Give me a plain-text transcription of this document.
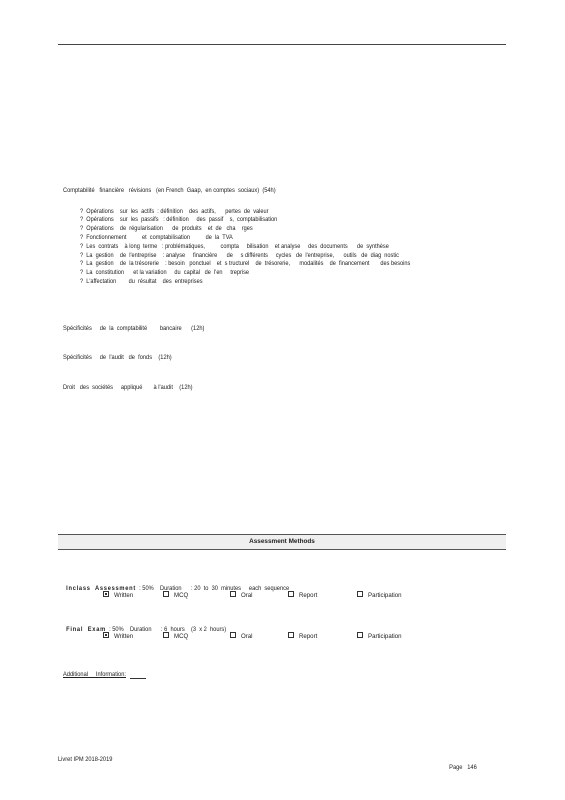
Comptabilité   financière   révisions   (en French  Gaap,  en comptes  sociaux)  (54h)
?  Opérations    sur  les  actifs  : définition    des  actifs,      pertes  de  valeur
?  Opérations    sur  les  passifs   : définition     des  passif    s,  comptabilisation
?  Opérations    de  régularisation      de  produits    et  de   cha    rges
?  Fonctionnement          et  comptabilisation          de  la  TVA
?  Les  contrats    à long  terme   : problématiques,          compta     bilisation    et analyse     des  documents      de  synthèse
?  La  gestion    de  l'entreprise    : analyse     financière      de     s différents     cycles   de  l'entreprise,      outils   de  diag  nostic
?  La  gestion    de  la trésorerie    : besoin   ponctuel    et  s tructurel    de  trésorerie,      modalités    de  financement       des besoins
?  La  constitution      et la variation     du  capital   de  l'en     treprise
?  L'affectation        du  résultat    des  entreprises
Spécificités     de  la  comptabilité        bancaire      (12h)
Spécificités     de  l'audit   de  fonds    (12h)
Droit   des  sociétés     appliqué       à l'audit    (12h)
Assessment Methods

Inclass  Assessment  : 50%    Duration      : 20  to  30  minutes     each  sequence

Written	MCQ	Oral	Report	Participation

Final  Exam  : 50%    Duration      : 6  hours    (3  x 2  hours)

Written	MCQ	Oral	Report	Participation
Additional     Information:
Livret IPM 2018-2019

Page 146
